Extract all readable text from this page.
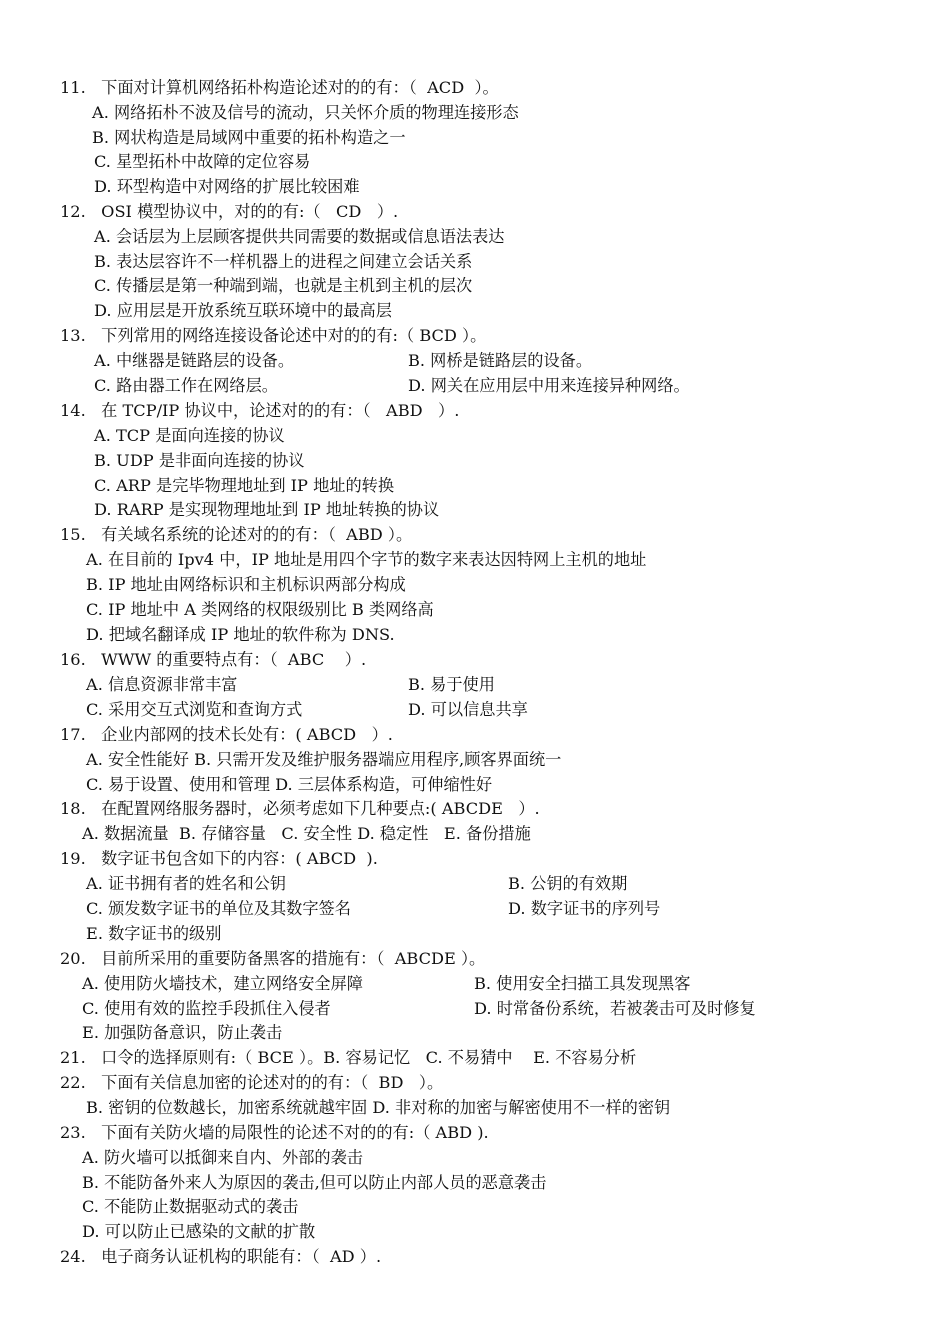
11.   下面对计算机网络拓朴构造论述对的的有：（  ACD  ）。
A. 网络拓朴不波及信号的流动，只关怀介质的物理连接形态
B. 网状构造是局域网中重要的拓朴构造之一
C. 星型拓朴中故障的定位容易
D. 环型构造中对网络的扩展比较困难
12.   OSI 模型协议中，对的的有:（   CD   ）.
A. 会话层为上层顾客提供共同需要的数据或信息语法表达
B. 表达层容许不一样机器上的进程之间建立会话关系
C. 传播层是第一种端到端，也就是主机到主机的层次
D. 应用层是开放系统互联环境中的最高层
13.   下列常用的网络连接设备论述中对的的有:（ BCD ）。
A. 中继器是链路层的设备。	B. 网桥是链路层的设备。
C. 路由器工作在网络层。	D. 网关在应用层中用来连接异种网络。
14.   在 TCP/IP 协议中，论述对的的有：（   ABD   ）.
A. TCP 是面向连接的协议
B. UDP 是非面向连接的协议
C. ARP 是完毕物理地址到 IP 地址的转换
D. RARP 是实现物理地址到 IP 地址转换的协议
15.   有关域名系统的论述对的的有：（  ABD ）。
A. 在目前的 Ipv4 中，IP 地址是用四个字节的数字来表达因特网上主机的地址
B. IP 地址由网络标识和主机标识两部分构成
C. IP 地址中 A 类网络的权限级别比 B 类网络高
D. 把域名翻译成 IP 地址的软件称为 DNS.
16.   WWW 的重要特点有：（  ABC    ）.
A. 信息资源非常丰富	B. 易于使用
C. 采用交互式浏览和查询方式	D. 可以信息共享
17.   企业内部网的技术长处有：( ABCD   ）.
A. 安全性能好 B. 只需开发及维护服务器端应用程序,顾客界面统一
C. 易于设置、使用和管理 D. 三层体系构造，可伸缩性好
18.   在配置网络服务器时，必须考虑如下几种要点:( ABCDE   ）.
A. 数据流量  B. 存储容量   C. 安全性 D. 稳定性   E. 备份措施
19.   数字证书包含如下的内容：( ABCD  ).
A. 证书拥有者的姓名和公钥	B. 公钥的有效期
C. 颁发数字证书的单位及其数字签名	D. 数字证书的序列号
E. 数字证书的级别
20.   目前所采用的重要防备黑客的措施有：（  ABCDE ）。
A. 使用防火墙技术，建立网络安全屏障	B. 使用安全扫描工具发现黑客
C. 使用有效的监控手段抓住入侵者	D. 时常备份系统，若被袭击可及时修复
E. 加强防备意识，防止袭击
21.   口令的选择原则有:（ BCE ）。B. 容易记忆   C. 不易猜中    E. 不容易分析
22.   下面有关信息加密的论述对的的有：（  BD   ）。
B. 密钥的位数越长，加密系统就越牢固 D. 非对称的加密与解密使用不一样的密钥
23.   下面有关防火墙的局限性的论述不对的的有:（ ABD ).
A. 防火墙可以抵御来自内、外部的袭击
B. 不能防备外来人为原因的袭击,但可以防止内部人员的恶意袭击
C. 不能防止数据驱动式的袭击
D. 可以防止已感染的文献的扩散
24.   电子商务认证机构的职能有：（  AD ）.
